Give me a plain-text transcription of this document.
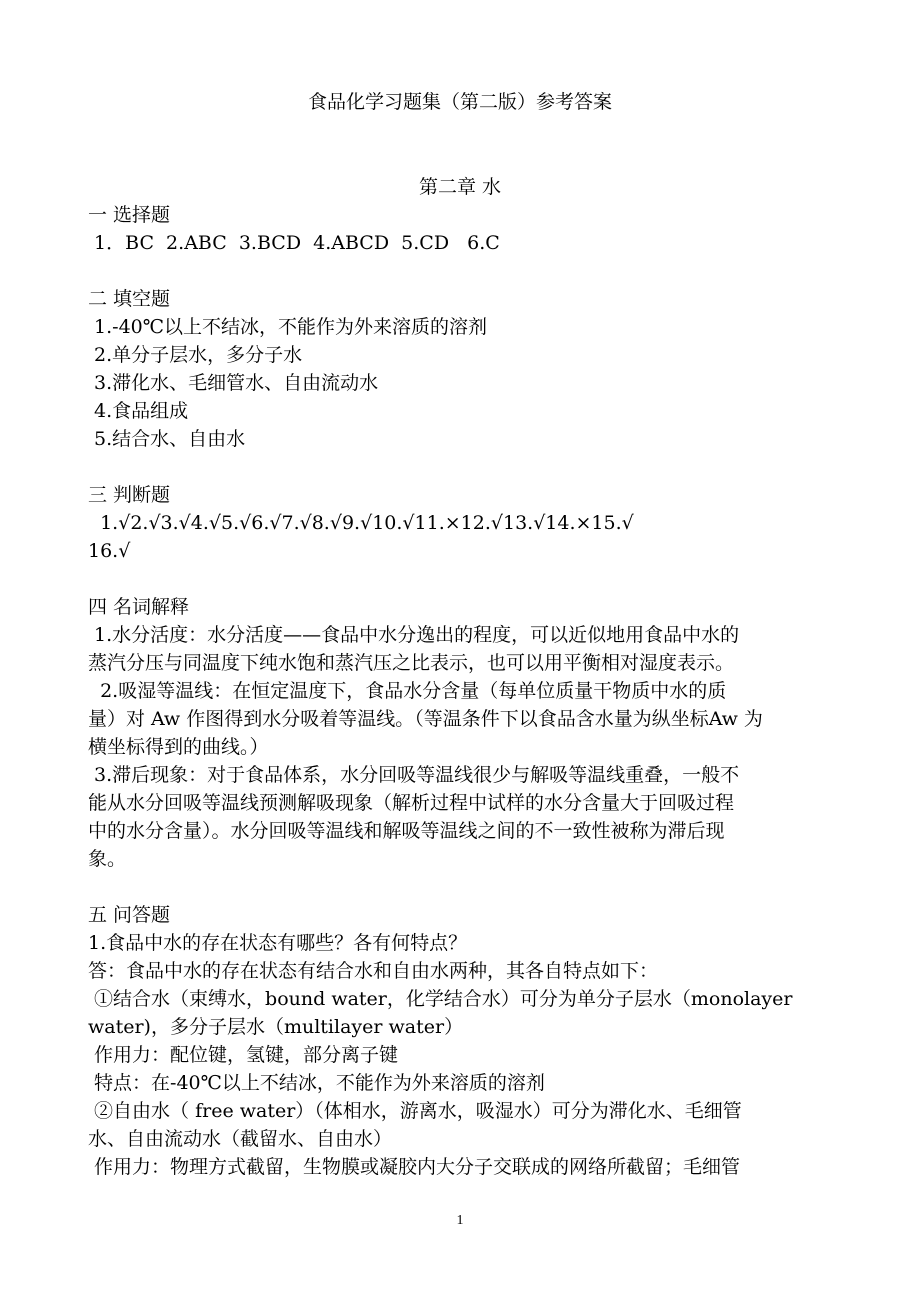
食品化学习题集（第二版）参考答案
第二章 水
一 选择题
1．BC  2.ABC  3.BCD  4.ABCD  5.CD   6.C
二 填空题
1.-40℃以上不结冰，不能作为外来溶质的溶剂
2.单分子层水，多分子水
3.滞化水、毛细管水、自由流动水
4.食品组成
5.结合水、自由水
三 判断题
1.√2.√3.√4.√5.√6.√7.√8.√9.√10.√11.×12.√13.√14.×15.√
16.√
四 名词解释
1.水分活度：水分活度——食品中水分逸出的程度，可以近似地用食品中水的
蒸汽分压与同温度下纯水饱和蒸汽压之比表示，也可以用平衡相对湿度表示。
2.吸湿等温线：在恒定温度下，食品水分含量（每单位质量干物质中水的质
量）对 Aw 作图得到水分吸着等温线。（等温条件下以食品含水量为纵坐标Aw 为
横坐标得到的曲线。）
3.滞后现象：对于食品体系，水分回吸等温线很少与解吸等温线重叠，一般不
能从水分回吸等温线预测解吸现象（解析过程中试样的水分含量大于回吸过程
中的水分含量）。水分回吸等温线和解吸等温线之间的不一致性被称为滞后现
象。
五 问答题
1.食品中水的存在状态有哪些？各有何特点？
答：食品中水的存在状态有结合水和自由水两种，其各自特点如下：
①结合水（束缚水，bound water，化学结合水）可分为单分子层水（monolayer
water)，多分子层水（multilayer water）
作用力：配位键，氢键，部分离子键
特点：在-40℃以上不结冰，不能作为外来溶质的溶剂
②自由水（ free water）（体相水，游离水，吸湿水）可分为滞化水、毛细管
水、自由流动水（截留水、自由水）
作用力：物理方式截留，生物膜或凝胶内大分子交联成的网络所截留；毛细管
1
